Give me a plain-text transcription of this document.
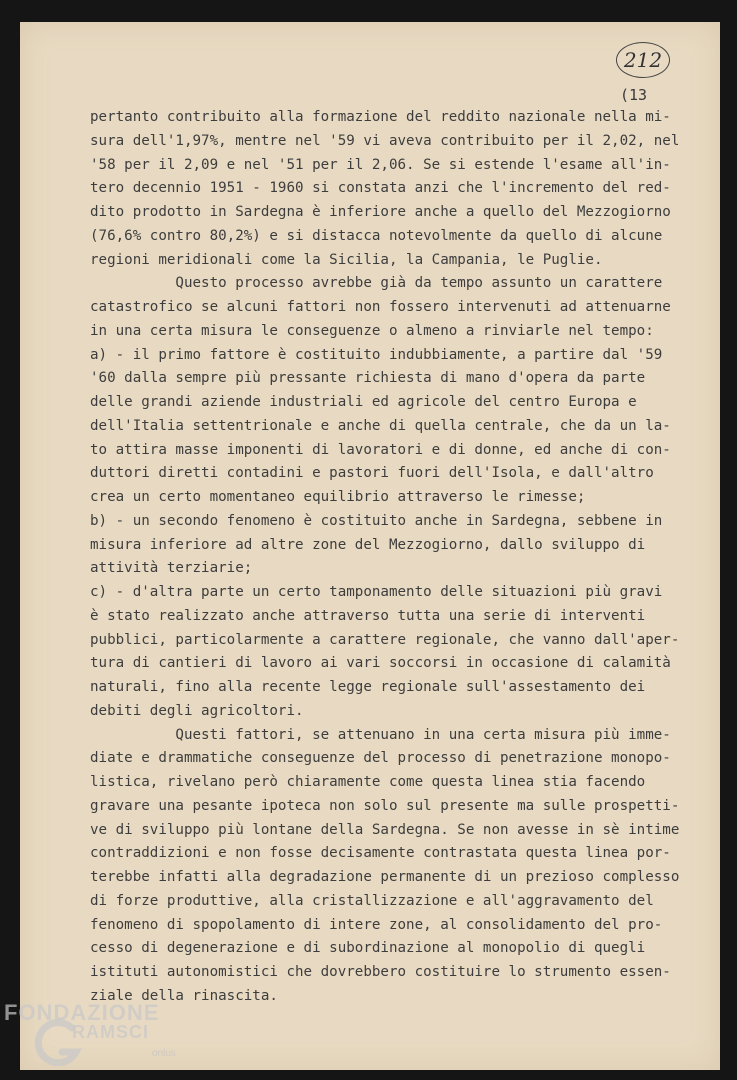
212
(13
pertanto contribuito alla formazione del reddito nazionale nella mi-
sura dell'1,97%, mentre nel '59 vi aveva contribuito per il 2,02, nel
'58 per il 2,09 e nel '51 per il 2,06. Se si estende l'esame all'in-
tero decennio 1951 - 1960 si constata anzi che l'incremento del red-
dito prodotto in Sardegna è inferiore anche a quello del Mezzogiorno
(76,6% contro 80,2%) e si distacca notevolmente da quello di alcune
regioni meridionali come la Sicilia, la Campania, le Puglie.
Questo processo avrebbe già da tempo assunto un carattere
catastrofico se alcuni fattori non fossero intervenuti ad attenuarne
in una certa misura le conseguenze o almeno a rinviarle nel tempo:
a) - il primo fattore è costituito indubbiamente, a partire dal '59
'60 dalla sempre più pressante richiesta di mano d'opera da parte
delle grandi aziende industriali ed agricole del centro Europa e
dell'Italia settentrionale e anche di quella centrale, che da un la-
to attira masse imponenti di lavoratori e di donne, ed anche di con-
duttori diretti contadini e pastori fuori dell'Isola, e dall'altro
crea un certo momentaneo equilibrio attraverso le rimesse;
b) - un secondo fenomeno è costituito anche in Sardegna, sebbene in
misura inferiore ad altre zone del Mezzogiorno, dallo sviluppo di
attività terziarie;
c) - d'altra parte un certo tamponamento delle situazioni più gravi
è stato realizzato anche attraverso tutta una serie di interventi
pubblici, particolarmente a carattere regionale, che vanno dall'aper-
tura di cantieri di lavoro ai vari soccorsi in occasione di calamità
naturali, fino alla recente legge regionale sull'assestamento dei
debiti degli agricoltori.
Questi fattori, se attenuano in una certa misura più imme-
diate e drammatiche conseguenze del processo di penetrazione monopo-
listica, rivelano però chiaramente come questa linea stia facendo
gravare una pesante ipoteca non solo sul presente ma sulle prospetti-
ve di sviluppo più lontane della Sardegna. Se non avesse in sè intime
contraddizioni e non fosse decisamente contrastata questa linea por-
terebbe infatti alla degradazione permanente di un prezioso complesso
di forze produttive, alla cristallizzazione e all'aggravamento del
fenomeno di spopolamento di intere zone, al consolidamento del pro-
cesso di degenerazione e di subordinazione al monopolio di quegli
istituti autonomistici che dovrebbero costituire lo strumento essen-
ziale della rinascita.
FONDAZIONE
RAMSCI
onlus
